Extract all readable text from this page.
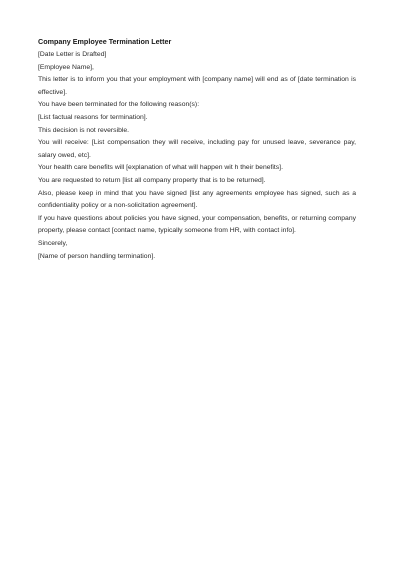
Company Employee Termination Letter

[Date Letter is Drafted]

[Employee Name],

This letter is to inform you that your employment with [company name] will end as of [date termination is effective].

You have been terminated for the following reason(s):

[List factual reasons for termination].

This decision is not reversible.

You will receive: [List compensation they will receive, including pay for unused leave, severance pay, salary owed, etc].

Your health care benefits will [explanation of what will happen wit h their benefits].

You are requested to return [list all company property that is to be returned].

Also, please keep in mind that you have signed [list any agreements employee has signed, such as a confidentiality policy or a non-solicitation agreement].

If you have questions about policies you have signed, your compensation, benefits, or returning company property, please contact [contact name, typically someone from HR, with contact info].

Sincerely,

[Name of person handling termination].
